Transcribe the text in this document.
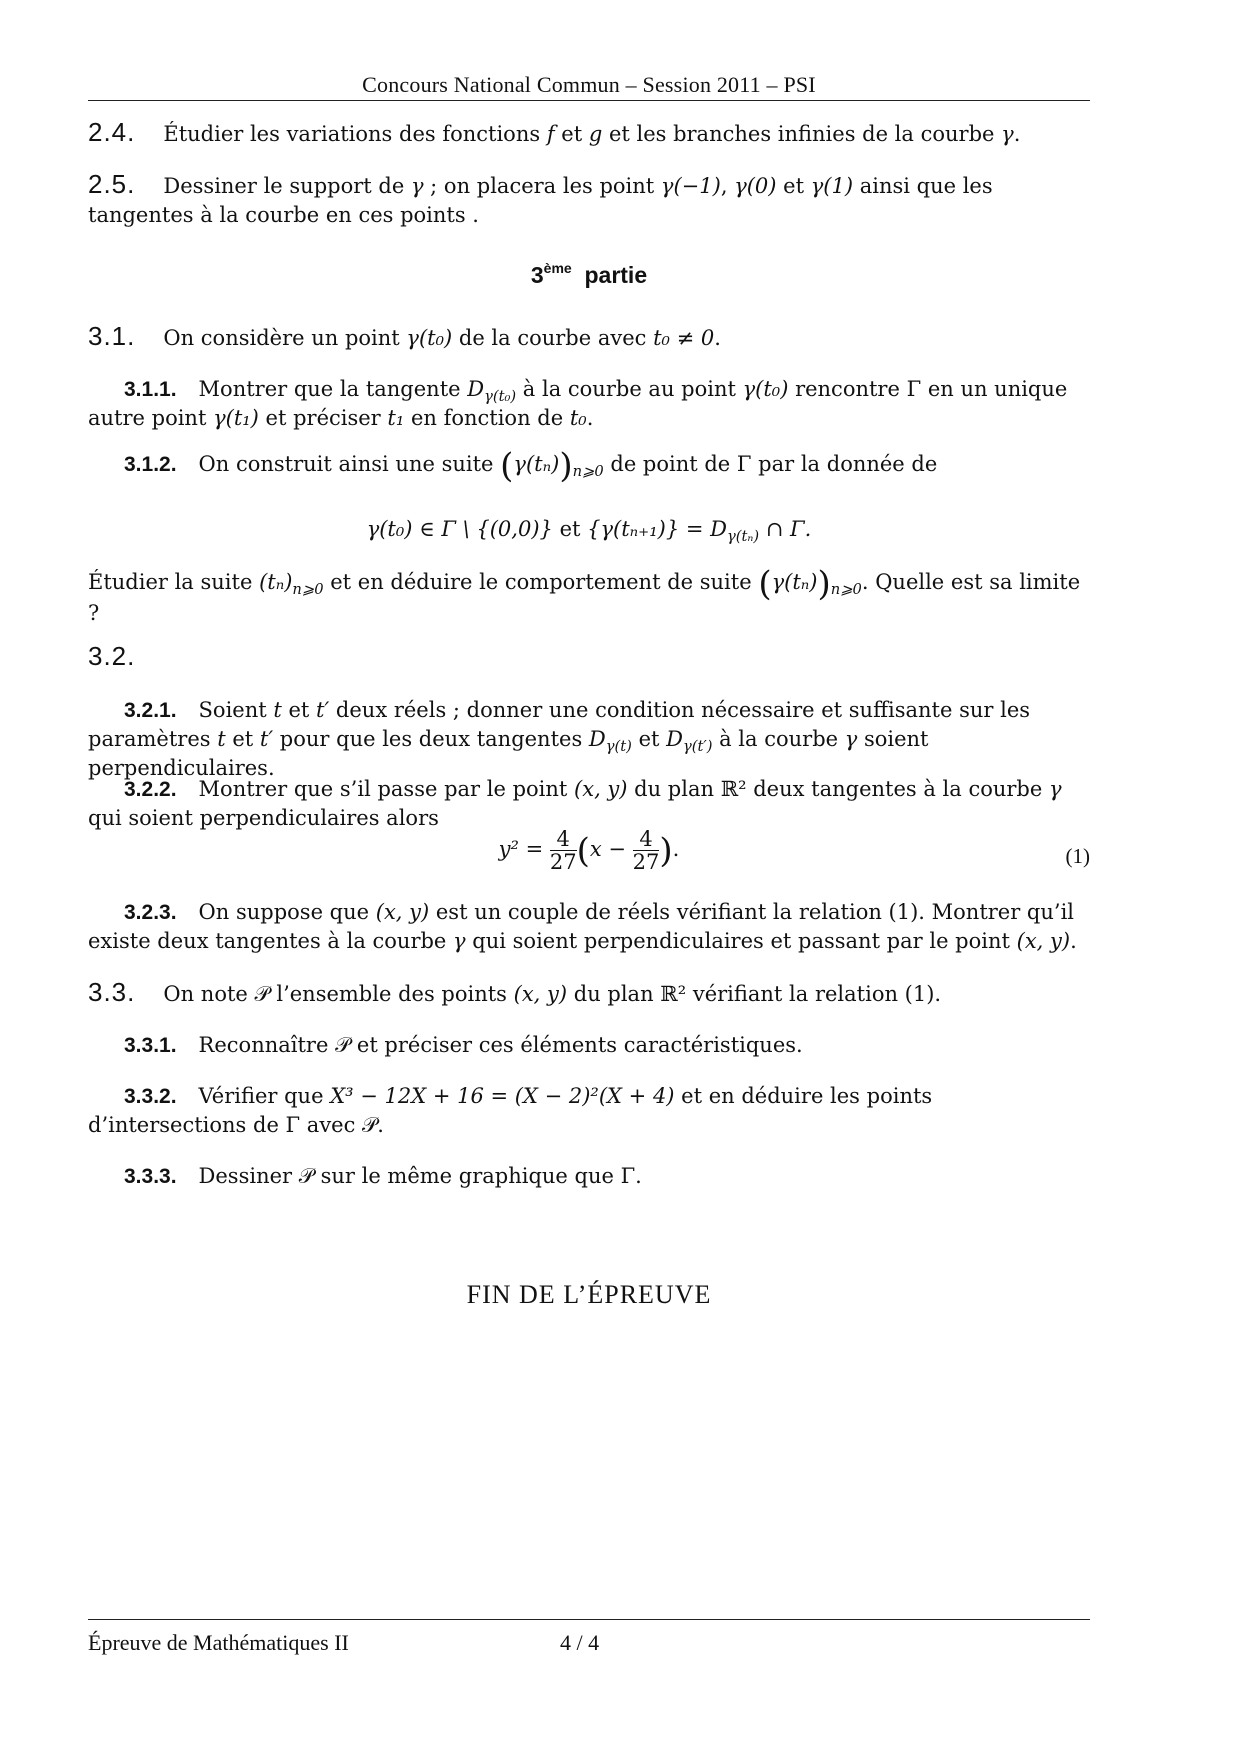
Concours National Commun – Session 2011 – PSI
2.4. Étudier les variations des fonctions f et g et les branches infinies de la courbe γ.
2.5. Dessiner le support de γ ; on placera les point γ(−1), γ(0) et γ(1) ainsi que les tangentes à la courbe en ces points .
3ème partie
3.1. On considère un point γ(t₀) de la courbe avec t₀ ≠ 0.
3.1.1. Montrer que la tangente $D_{\gamma(t_0)}$ à la courbe au point γ(t₀) rencontre Γ en un unique autre point γ(t₁) et préciser t₁ en fonction de t₀.
3.1.2. On construit ainsi une suite $(\gamma(t_n))_{n⩾0}$ de point de Γ par la donnée de
γ(t₀) ∈ Γ \ {(0,0)} et $\{\gamma(t_{n+1})\} = D_{\gamma(t_n)}$ ∩ Γ.
Étudier la suite $(t_n)_{n⩾0}$ et en déduire le comportement de suite $(\gamma(t_n))_{n⩾0}$. Quelle est sa limite ?
3.2.
3.2.1. Soient t et t′ deux réels ; donner une condition nécessaire et suffisante sur les paramètres t et t′ pour que les deux tangentes $D_{\gamma(t)}$ et $D_{\gamma(t')}$ à la courbe γ soient perpendiculaires.
3.2.2. Montrer que s’il passe par le point (x, y) du plan ℝ² deux tangentes à la courbe γ qui soient perpendiculaires alors
$y^2 = \frac{4}{27} (x - \frac{4}{27}$ ).	(1)
3.2.3. On suppose que (x, y) est un couple de réels vérifiant la relation (1). Montrer qu’il existe deux tangentes à la courbe γ qui soient perpendiculaires et passant par le point (x, y).
3.3. On note 𝒫 l’ensemble des points (x, y) du plan ℝ² vérifiant la relation (1).
3.3.1. Reconnaître 𝒫 et préciser ces éléments caractéristiques.
3.3.2. Vérifier que X³ − 12X + 16 = (X − 2)²(X + 4) et en déduire les points d’intersections de Γ avec 𝒫.
3.3.3. Dessiner 𝒫 sur le même graphique que Γ.
FIN DE L’ÉPREUVE
Épreuve de Mathématiques II	4 / 4
